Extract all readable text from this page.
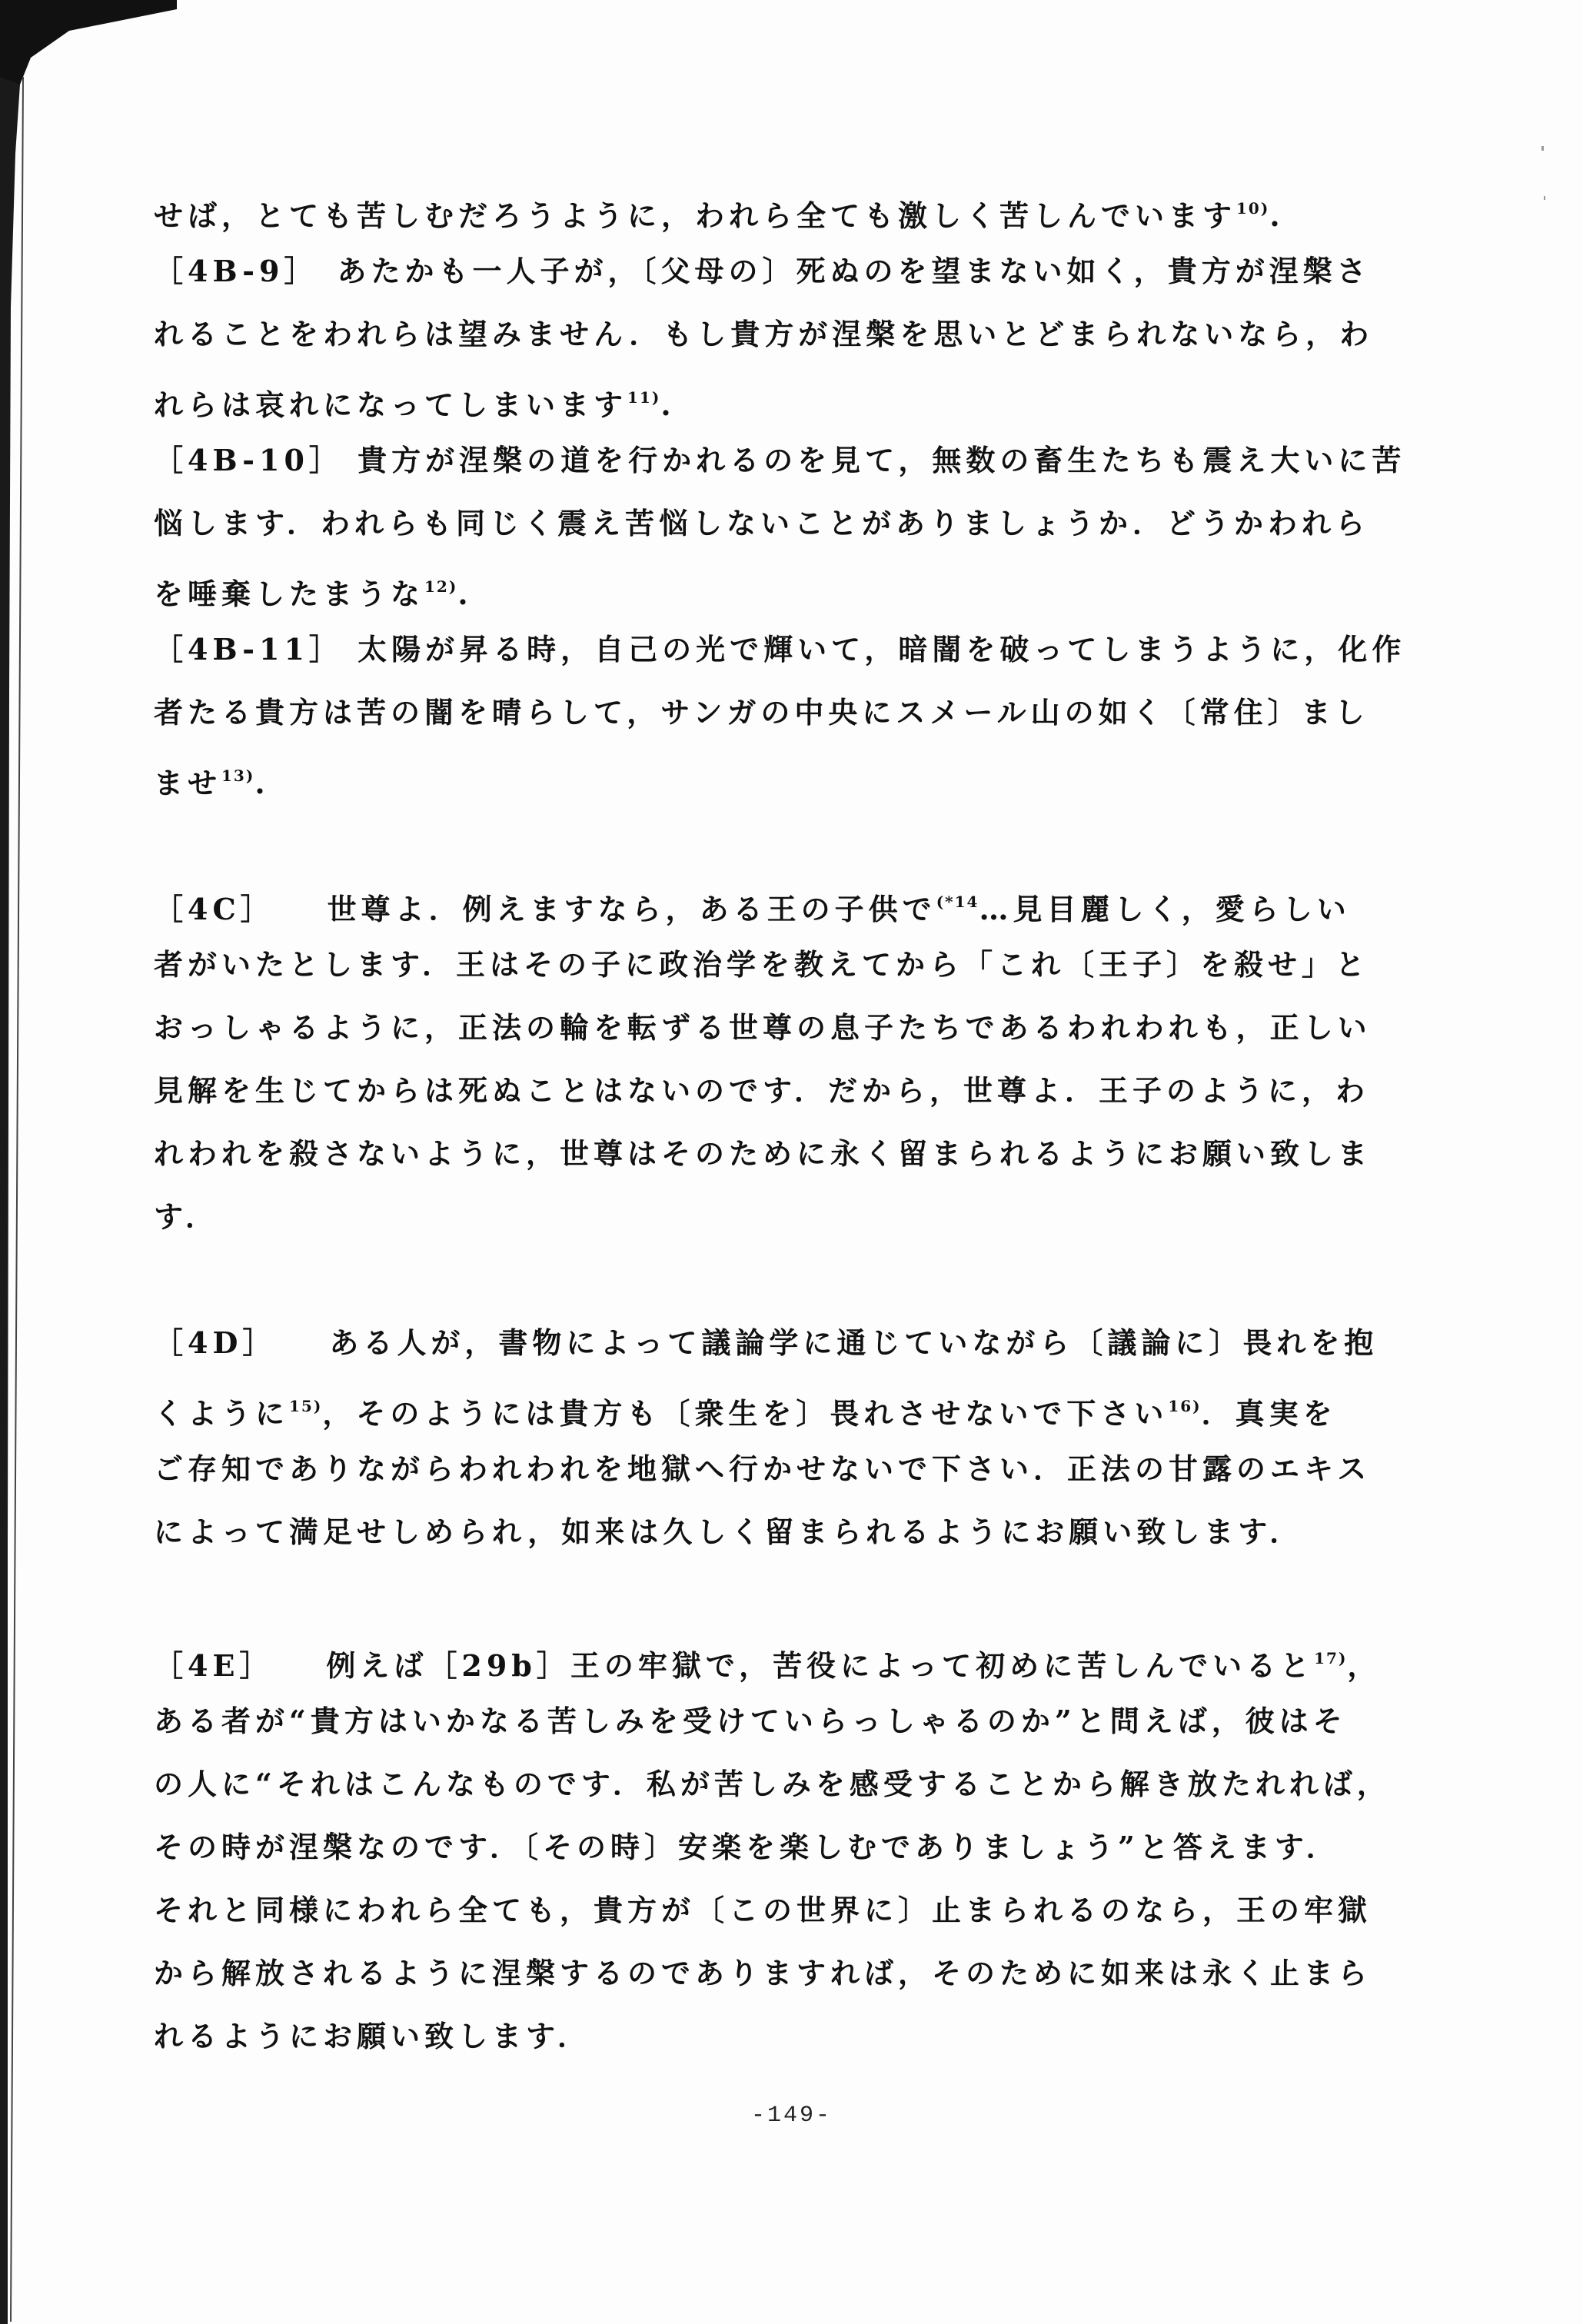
せば，とても苦しむだろうように，われら全ても激しく苦しんでいます$^{10)}$.
［4B-9］　あたかも一人子が，〔父母の〕死ぬのを望まない如く，貴方が涅槃さ
れることをわれらは望みません．もし貴方が涅槃を思いとどまられないなら，わ
れらは哀れになってしまいます$^{11)}$.
［4B-10］ 貴方が涅槃の道を行かれるのを見て，無数の畜生たちも震え大いに苦
悩します．われらも同じく震え苦悩しないことがありましょうか．どうかわれら
を唾棄したまうな$^{12)}$.
［4B-11］ 太陽が昇る時，自己の光で輝いて，暗闇を破ってしまうように，化作
者たる貴方は苦の闇を晴らして，サンガの中央にスメール山の如く〔常住〕まし
ませ$^{13)}$.
［4C］　　世尊よ．例えますなら，ある王の子供で$^{(*14}$…見目麗しく，愛らしい
者がいたとします．王はその子に政治学を教えてから「これ〔王子〕を殺せ」と
おっしゃるように，正法の輪を転ずる世尊の息子たちであるわれわれも，正しい
見解を生じてからは死ぬことはないのです．だから，世尊よ．王子のように，わ
れわれを殺さないように，世尊はそのために永く留まられるようにお願い致しま
す．
［4D］　　ある人が，書物によって議論学に通じていながら〔議論に〕畏れを抱
くように$^{15)}$，そのようには貴方も〔衆生を〕畏れさせないで下さい$^{16)}$．真実を
ご存知でありながらわれわれを地獄へ行かせないで下さい．正法の甘露のエキス
によって満足せしめられ，如来は久しく留まられるようにお願い致します．
［4E］　　例えば［29b］王の牢獄で，苦役によって初めに苦しんでいると$^{17)}$，
ある者が“貴方はいかなる苦しみを受けていらっしゃるのか”と問えば，彼はそ
の人に“それはこんなものです．私が苦しみを感受することから解き放たれれば，
その時が涅槃なのです．〔その時〕安楽を楽しむでありましょう”と答えます．
それと同様にわれら全ても，貴方が〔この世界に〕止まられるのなら，王の牢獄
から解放されるように涅槃するのでありますれば，そのために如来は永く止まら
れるようにお願い致します．
-149-
